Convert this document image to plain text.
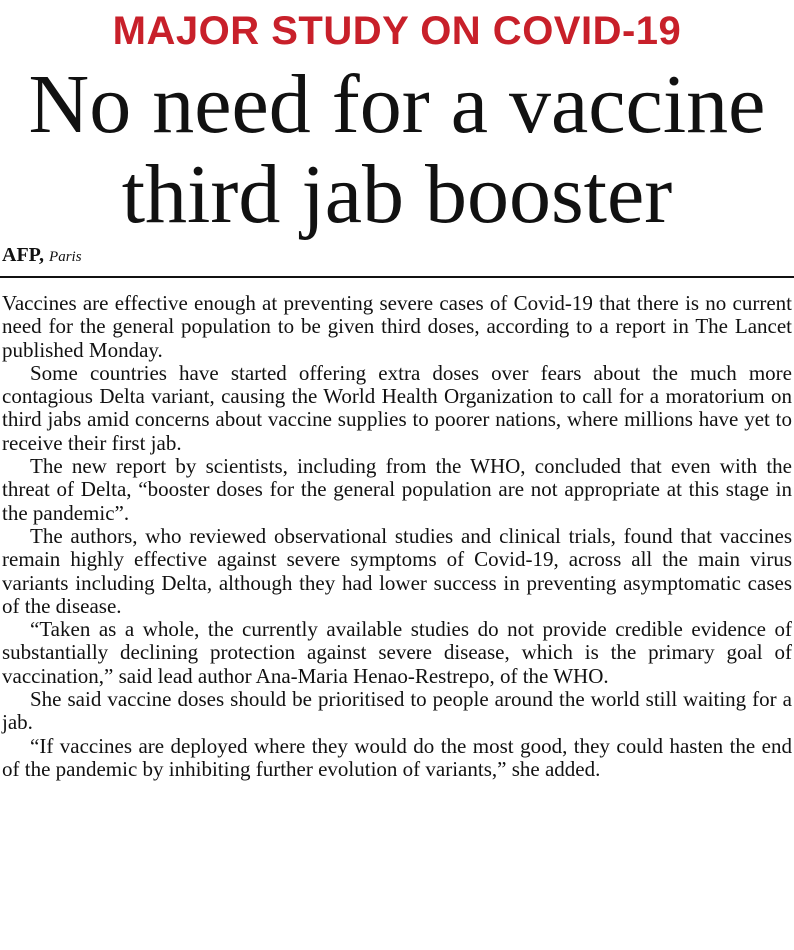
MAJOR STUDY ON COVID-19
No need for a vaccine
third jab booster
AFP, Paris

Vaccines are effective enough at preventing severe cases of Covid-19 that there is no current need for the general population to be given third doses, according to a report in The Lancet published Monday.

Some countries have started offering extra doses over fears about the much more contagious Delta variant, causing the World Health Organization to call for a moratorium on third jabs amid concerns about vaccine supplies to poorer nations, where millions have yet to receive their first jab.

The new report by scientists, including from the WHO, concluded that even with the threat of Delta, “booster doses for the general population are not appropriate at this stage in the pandemic”.

The authors, who reviewed observational studies and clinical trials, found that vaccines remain highly effective against severe symptoms of Covid-19, across all the main virus variants including Delta, although they had lower success in preventing asymptomatic cases of the disease.

“Taken as a whole, the currently available studies do not provide credible evidence of substantially declining protection against severe disease, which is the primary goal of vaccination,” said lead author Ana-Maria Henao-Restrepo, of the WHO.

She said vaccine doses should be prioritised to people around the world still waiting for a jab.

“If vaccines are deployed where they would do the most good, they could hasten the end of the pandemic by inhibiting further evolution of variants,” she added.
